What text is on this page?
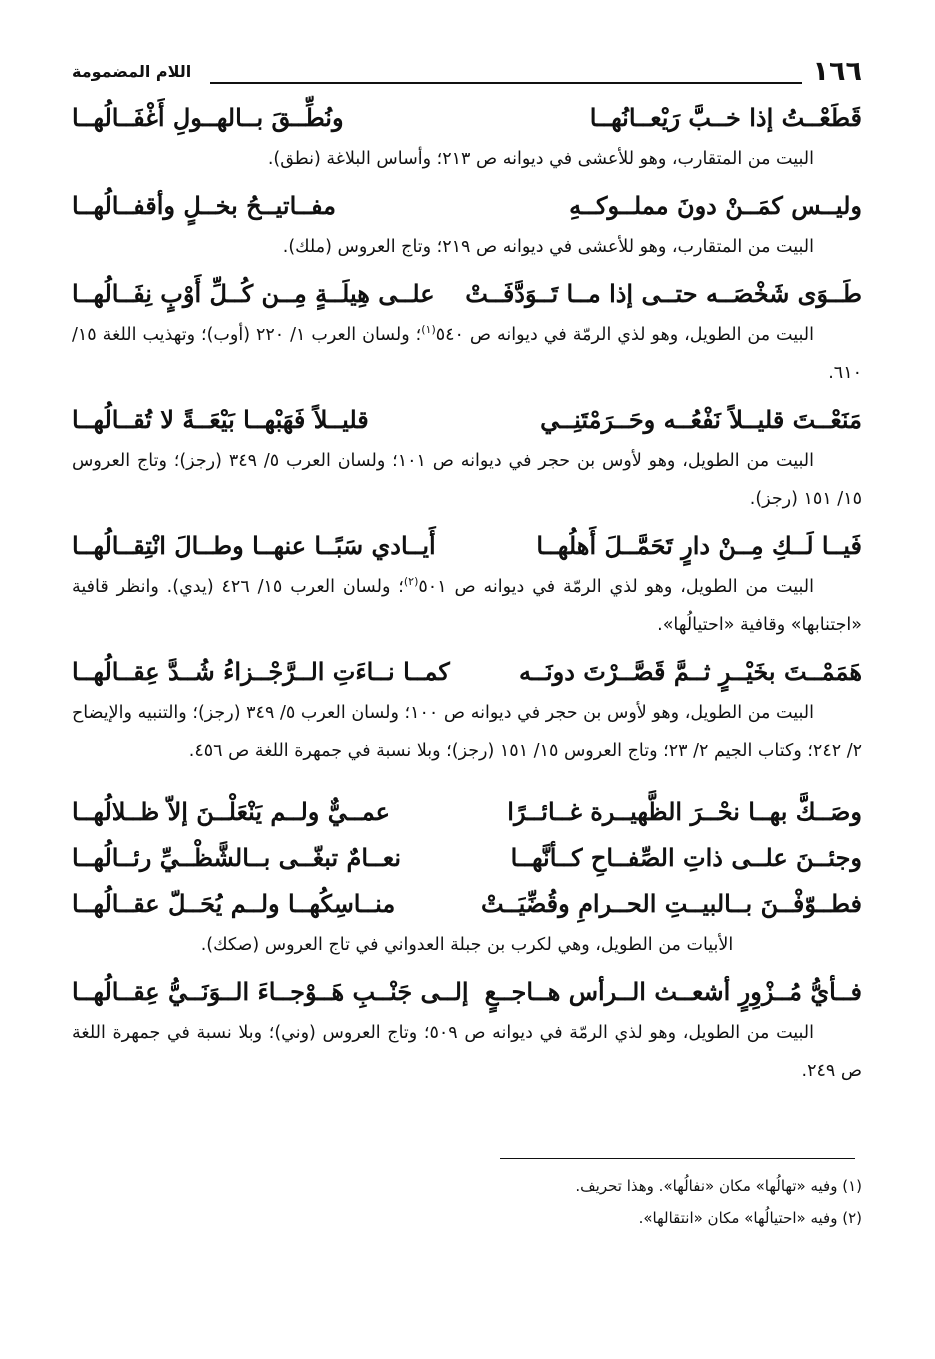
١٦٦
اللام المضمومة
قَطَعْــتُ إذا خــبَّ رَيْعــانُهــا
ونُطِّــقَ بــالهــولِ أَغْفَــالُهــا

البيت من المتقارب، وهو للأعشى في ديوانه ص ٢١٣؛ وأساس البلاغة (نطق).

وليــس كمَــنْ دونَ مملــوكــهِ
مفــاتيــحُ بخــلٍ وأقفــالُهــا

البيت من المتقارب، وهو للأعشى في ديوانه ص ٢١٩؛ وتاج العروس (ملك).

طَــوَى شَخْصَــه حتــى إذا مــا تَــوَدَّفَــتْ
علــى هِيلَــةٍ مِــن كُــلِّ أَوْبٍ نِفَــالُهــا

البيت من الطويل، وهو لذي الرمّة في ديوانه ص ٥٤٠$^{(١)}$؛ ولسان العرب ١/ ٢٢٠ (أوب)؛ وتهذيب اللغة ١٥/ ٦١٠.

مَنَعْــتَ قليــلاً نَفْعُــه وحَــرَمْتَنِــي
قليــلاً فَهَبْهــا بَيْعَــةً لا تُقــالُهــا

البيت من الطويل، وهو لأوس بن حجر في ديوانه ص ١٠١؛ ولسان العرب ٥/ ٣٤٩ (رجز)؛ وتاج العروس ١٥/ ١٥١ (رجز).

فَيــا لَــكِ مِــنْ دارٍ تَحَمَّــلَ أَهلُهــا
أَيــادي سَبًــا عنهــا وطــالَ انْتِقــالُهــا

البيت من الطويل، وهو لذي الرمّة في ديوانه ص ٥٠١$^{(٢)}$؛ ولسان العرب ١٥/ ٤٢٦ (يدي). وانظر قافية «اجتنابها» وقافية «احتيالُها».

هَمَمْــتَ بخَيْــرٍ ثــمَّ قَصَّــرْتَ دونَــه
كمــا نــاءَتِ الــرَّجْــزاءُ شُــدَّ عِقــالُهــا

البيت من الطويل، وهو لأوس بن حجر في ديوانه ص ١٠٠؛ ولسان العرب ٥/ ٣٤٩ (رجز)؛ والتنبيه والإيضاح ٢/ ٢٤٢؛ وكتاب الجيم ٢/ ٢٣؛ وتاج العروس ١٥/ ١٥١ (رجز)؛ وبلا نسبة في جمهرة اللغة ص ٤٥٦.

وصَــكَّ بهــا نحْــرَ الظَّهيــرة غــائــرًا
عمــيٌّ ولــم يَنْعَلْــنَ إلاّ ظــلالُهــا
وجئــنَ علــى ذاتِ الصِّفــاحِ كــأنَّهــا
نعــامٌ تبغّــى بــالشَّظْــيِّ رئــالُهــا
فطــوّفْــنَ بــالبيــتِ الحــرامِ وقُضِّيَــتْ
منــاسِكُهــا ولــم يُحَــلّ عقــالُهــا

الأبيات من الطويل، وهي لكرب بن جبلة العدواني في تاج العروس (صكك).

فــأيُّ مُــزْوِرٍ أشعــث الــرأس هــاجــعٍ
إلــى جَنْــبِ هَــوْجــاءَ الــوَنَــيُّ عِقــالُهــا

البيت من الطويل، وهو لذي الرمّة في ديوانه ص ٥٠٩؛ وتاج العروس (وني)؛ وبلا نسبة في جمهرة اللغة ص ٢٤٩.

(١) وفيه «تهالُها» مكان «نفالُها». وهذا تحريف.
(٢) وفيه «احتيالُها» مكان «انتقالها».
